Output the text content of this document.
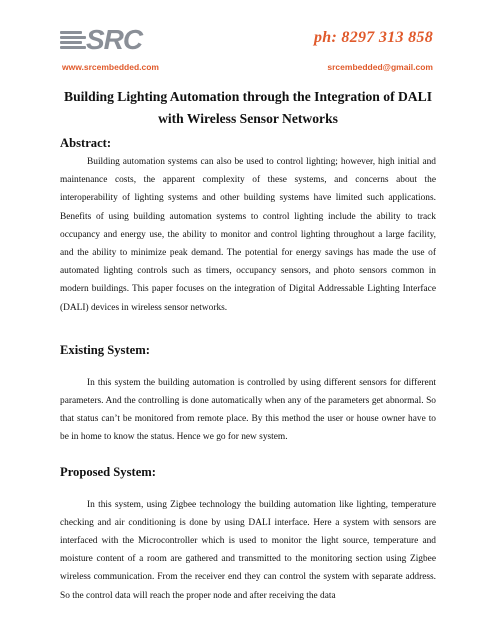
SRC	ph: 8297 313 858
www.srcembedded.com	srcembedded@gmail.com
Building Lighting Automation through the Integration of DALI
with Wireless Sensor Networks
Abstract:

Building automation systems can also be used to control lighting; however, high initial and maintenance costs, the apparent complexity of these systems, and concerns about the interoperability of lighting systems and other building systems have limited such applications. Benefits of using building automation systems to control lighting include the ability to track occupancy and energy use, the ability to monitor and control lighting throughout a large facility, and the ability to minimize peak demand. The potential for energy savings has made the use of automated lighting controls such as timers, occupancy sensors, and photo sensors common in modern buildings. This paper focuses on the integration of Digital Addressable Lighting Interface (DALI) devices in wireless sensor networks.

Existing System:

In this system the building automation is controlled by using different sensors for different parameters. And the controlling is done automatically when any of the parameters get abnormal. So that status can’t be monitored from remote place. By this method the user or house owner have to be in home to know the status. Hence we go for new system.

Proposed System:

In this system, using Zigbee technology the building automation like lighting, temperature checking and air conditioning is done by using DALI interface. Here a system with sensors are interfaced with the Microcontroller which is used to monitor the light source, temperature and moisture content of a room are gathered and transmitted to the monitoring section using Zigbee wireless communication. From the receiver end they can control the system with separate address. So the control data will reach the proper node and after receiving the data
